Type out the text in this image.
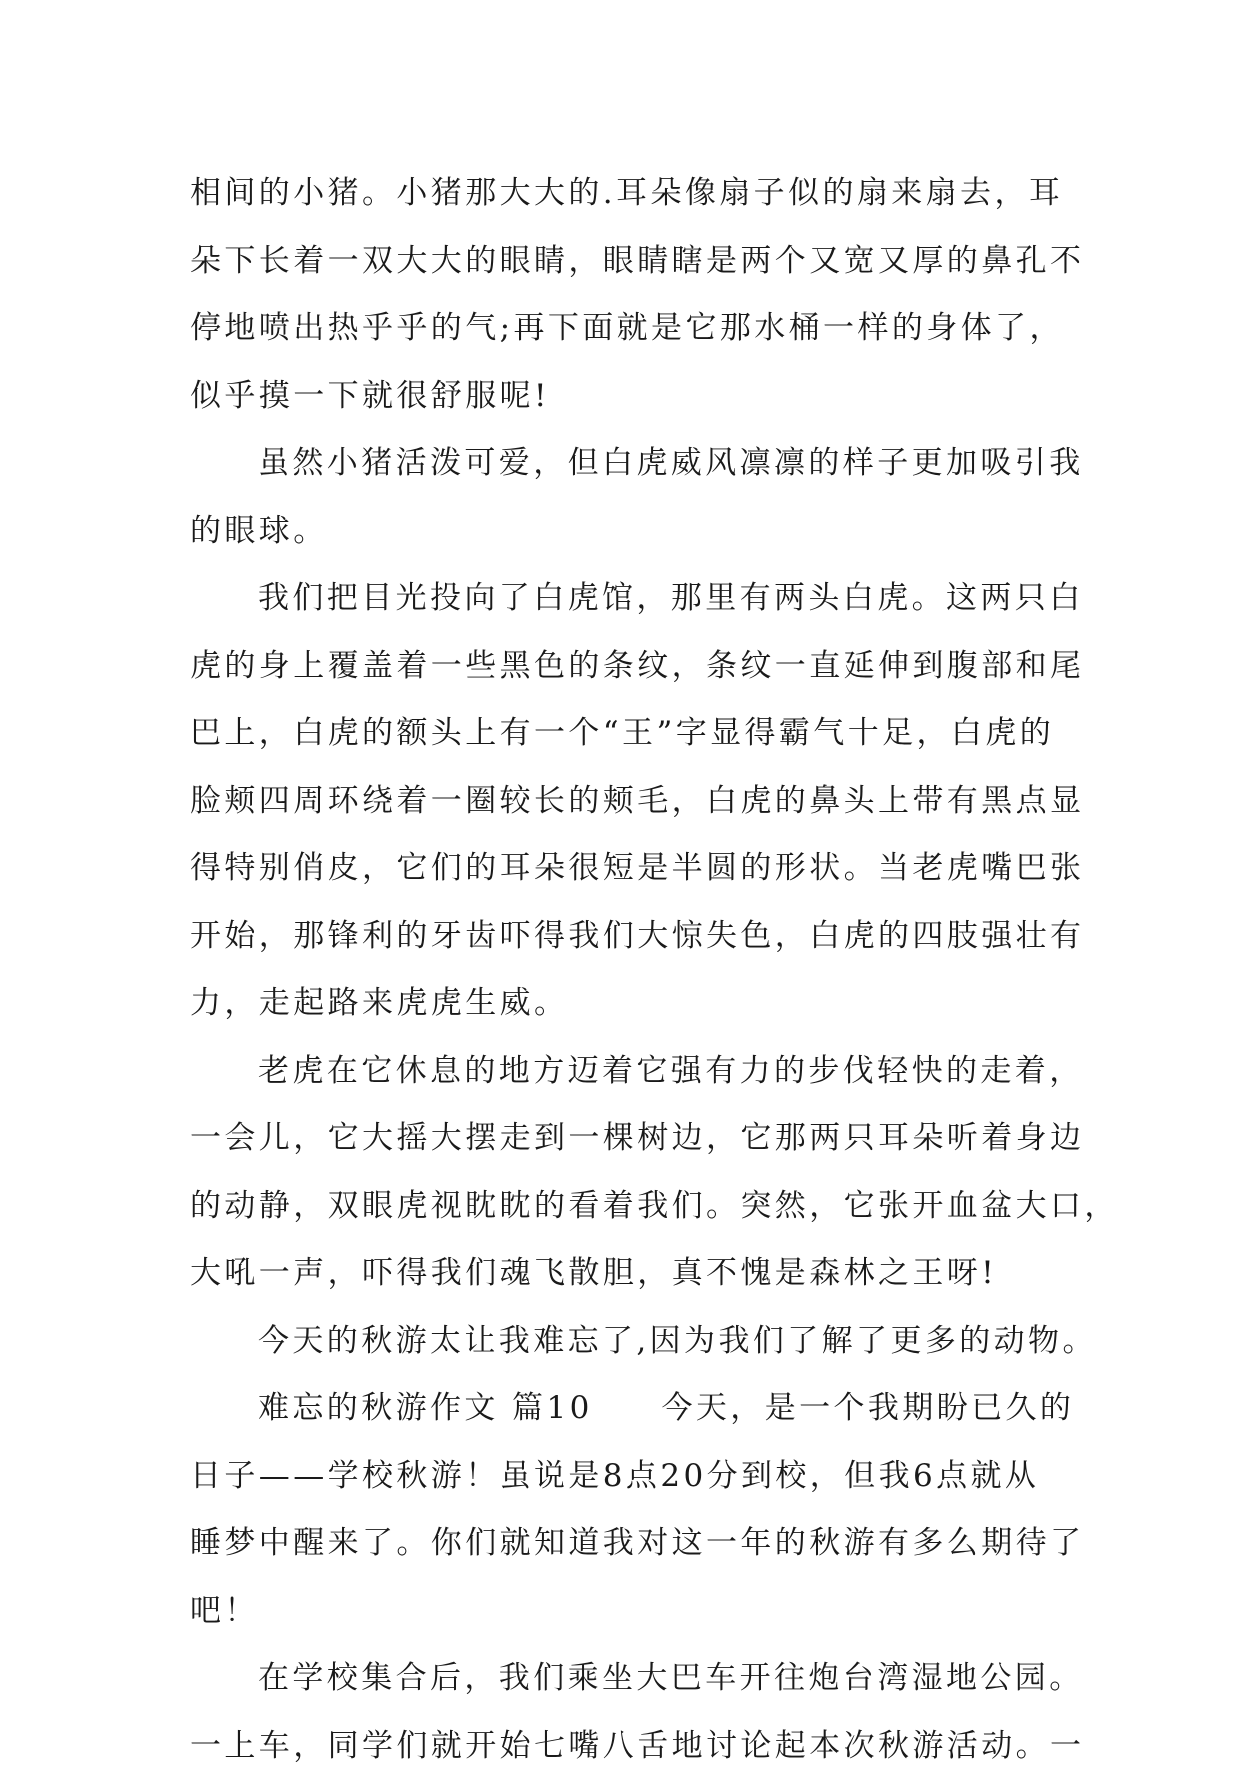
相间的小猪。小猪那大大的.耳朵像扇子似的扇来扇去，耳
朵下长着一双大大的眼睛，眼睛瞎是两个又宽又厚的鼻孔不
停地喷出热乎乎的气;再下面就是它那水桶一样的身体了，
似乎摸一下就很舒服呢!
虽然小猪活泼可爱，但白虎威风凛凛的样子更加吸引我
的眼球。
我们把目光投向了白虎馆，那里有两头白虎。这两只白
虎的身上覆盖着一些黑色的条纹，条纹一直延伸到腹部和尾
巴上，白虎的额头上有一个“王”字显得霸气十足，白虎的
脸颊四周环绕着一圈较长的颊毛，白虎的鼻头上带有黑点显
得特别俏皮，它们的耳朵很短是半圆的形状。当老虎嘴巴张
开始，那锋利的牙齿吓得我们大惊失色，白虎的四肢强壮有
力，走起路来虎虎生威。
老虎在它休息的地方迈着它强有力的步伐轻快的走着，
一会儿，它大摇大摆走到一棵树边，它那两只耳朵听着身边
的动静，双眼虎视眈眈的看着我们。突然，它张开血盆大口，
大吼一声，吓得我们魂飞散胆，真不愧是森林之王呀!
今天的秋游太让我难忘了,因为我们了解了更多的动物。
难忘的秋游作文 篇10　　今天，是一个我期盼已久的
日子——学校秋游！虽说是8点20分到校，但我6点就从
睡梦中醒来了。你们就知道我对这一年的秋游有多么期待了
吧！
在学校集合后，我们乘坐大巴车开往炮台湾湿地公园。
一上车，同学们就开始七嘴八舌地讨论起本次秋游活动。一
